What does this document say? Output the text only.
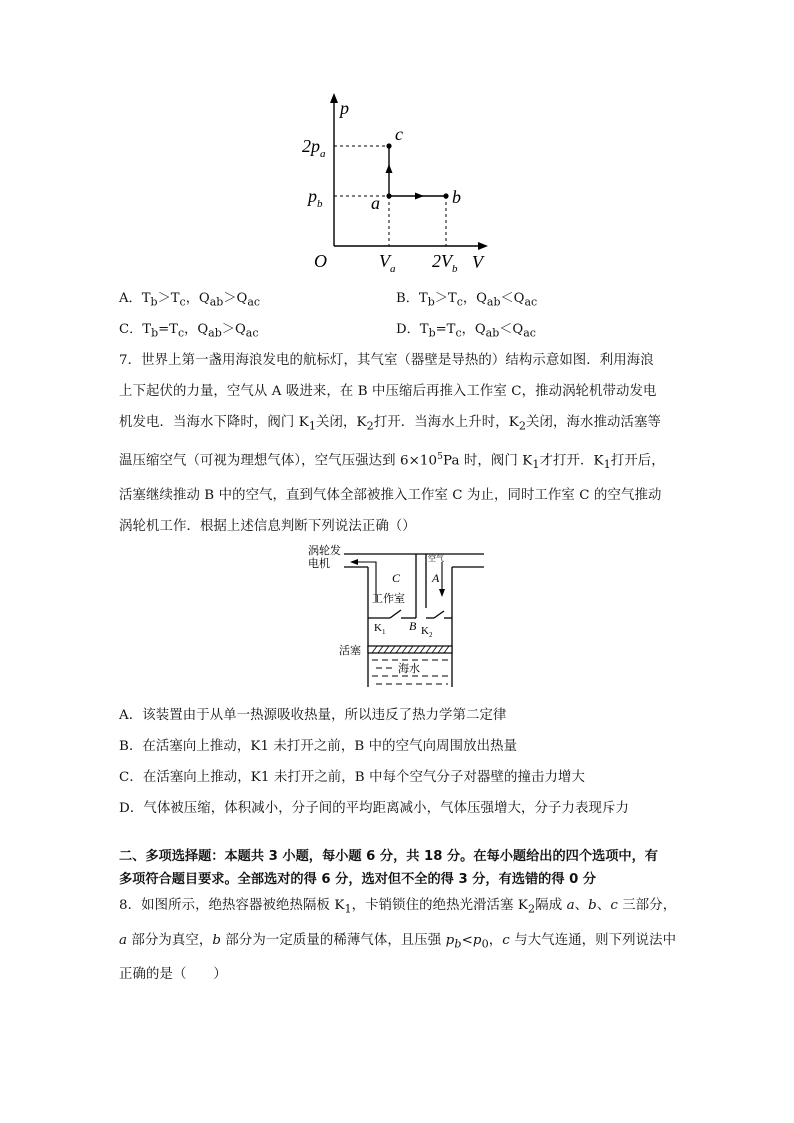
p
V
O
$2p_a$
$p_b$
$V_a$ $2V_b$
a	b
c
A．$T_b>T_c$，$Q_{ab}>Q_{ac}$	B．$T_b>T_c$，$Q_{ab}<Q_{ac}$
C．$T_b=T_c$，$Q_{ab}>Q_{ac}$	D．$T_b=T_c$，$Q_{ab}<Q_{ac}$
7．世界上第一盏用海浪发电的航标灯，其气室（器壁是导热的）结构示意如图．利用海浪
上下起伏的力量，空气从 A 吸进来，在 B 中压缩后再推入工作室 C，推动涡轮机带动发电
机发电．当海水下降时，阀门 $K_1$关闭，$K_2$打开．当海水上升时，$K_2$关闭，海水推动活塞等
温压缩空气（可视为理想气体），空气压强达到 $6\times 10^5Pa$ 时，阀门 $K_1$才打开．$K_1$打开后，
活塞继续推动 B 中的空气，直到气体全部被推入工作室 C 为止，同时工作室 C 的空气推动
涡轮机工作．根据上述信息判断下列说法正确（）
涡轮发
电机	空气
C	A
工作室
$K_1$ B $K_2$
活塞
海水
A．该装置由于从单一热源吸收热量，所以违反了热力学第二定律
B．在活塞向上推动，K1 未打开之前，B 中的空气向周围放出热量
C．在活塞向上推动，K1 未打开之前，B 中每个空气分子对器壁的撞击力增大
D．气体被压缩，体积减小，分子间的平均距离减小，气体压强增大，分子力表现斥力
二、多项选择题：本题共 3 小题，每小题 6 分，共 18 分。在每小题给出的四个选项中，有
多项符合题目要求。全部选对的得 6 分，选对但不全的得 3 分，有选错的得 0 分
8．如图所示，绝热容器被绝热隔板 $K_1$，卡销锁住的绝热光滑活塞 $K_2$隔成 a、b、c 三部分，
a 部分为真空，b 部分为一定质量的稀薄气体，且压强 $p_b<p_0$，c 与大气连通，则下列说法中
正确的是（　　）
